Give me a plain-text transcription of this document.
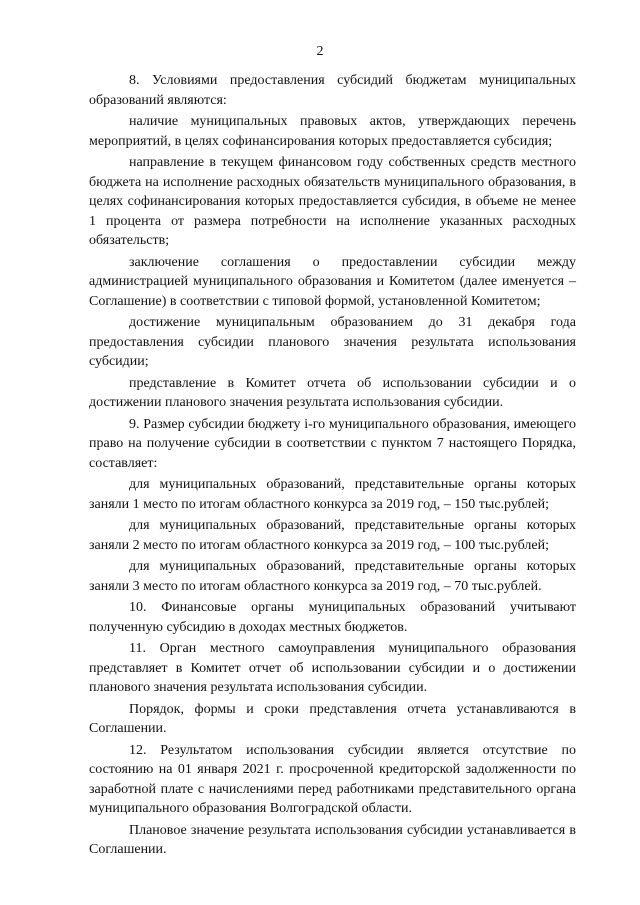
2

8. Условиями предоставления субсидий бюджетам муниципальных образований являются:

наличие муниципальных правовых актов, утверждающих перечень мероприятий, в целях софинансирования которых предоставляется субсидия;

направление в текущем финансовом году собственных средств местного бюджета на исполнение расходных обязательств муниципального образования, в целях софинансирования которых предоставляется субсидия, в объеме не менее 1 процента от размера потребности на исполнение указанных расходных обязательств;

заключение соглашения о предоставлении субсидии между администрацией муниципального образования и Комитетом (далее именуется – Соглашение) в соответствии с типовой формой, установленной Комитетом;

достижение муниципальным образованием до 31 декабря года предоставления субсидии планового значения результата использования субсидии;

представление в Комитет отчета об использовании субсидии и о достижении планового значения результата использования субсидии.

9. Размер субсидии бюджету i-го муниципального образования, имеющего право на получение субсидии в соответствии с пунктом 7 настоящего Порядка, составляет:

для муниципальных образований, представительные органы которых заняли 1 место по итогам областного конкурса за 2019 год, – 150 тыс.рублей;

для муниципальных образований, представительные органы которых заняли 2 место по итогам областного конкурса за 2019 год, – 100 тыс.рублей;

для муниципальных образований, представительные органы которых заняли 3 место по итогам областного конкурса за 2019 год, – 70 тыс.рублей.

10. Финансовые органы муниципальных образований учитывают полученную субсидию в доходах местных бюджетов.

11. Орган местного самоуправления муниципального образования представляет в Комитет отчет об использовании субсидии и о достижении планового значения результата использования субсидии.

Порядок, формы и сроки представления отчета устанавливаются в Соглашении.

12. Результатом использования субсидии является отсутствие по состоянию на 01 января 2021 г. просроченной кредиторской задолженности по заработной плате с начислениями перед работниками представительного органа муниципального образования Волгоградской области.

Плановое значение результата использования субсидии устанавливается в Соглашении.
